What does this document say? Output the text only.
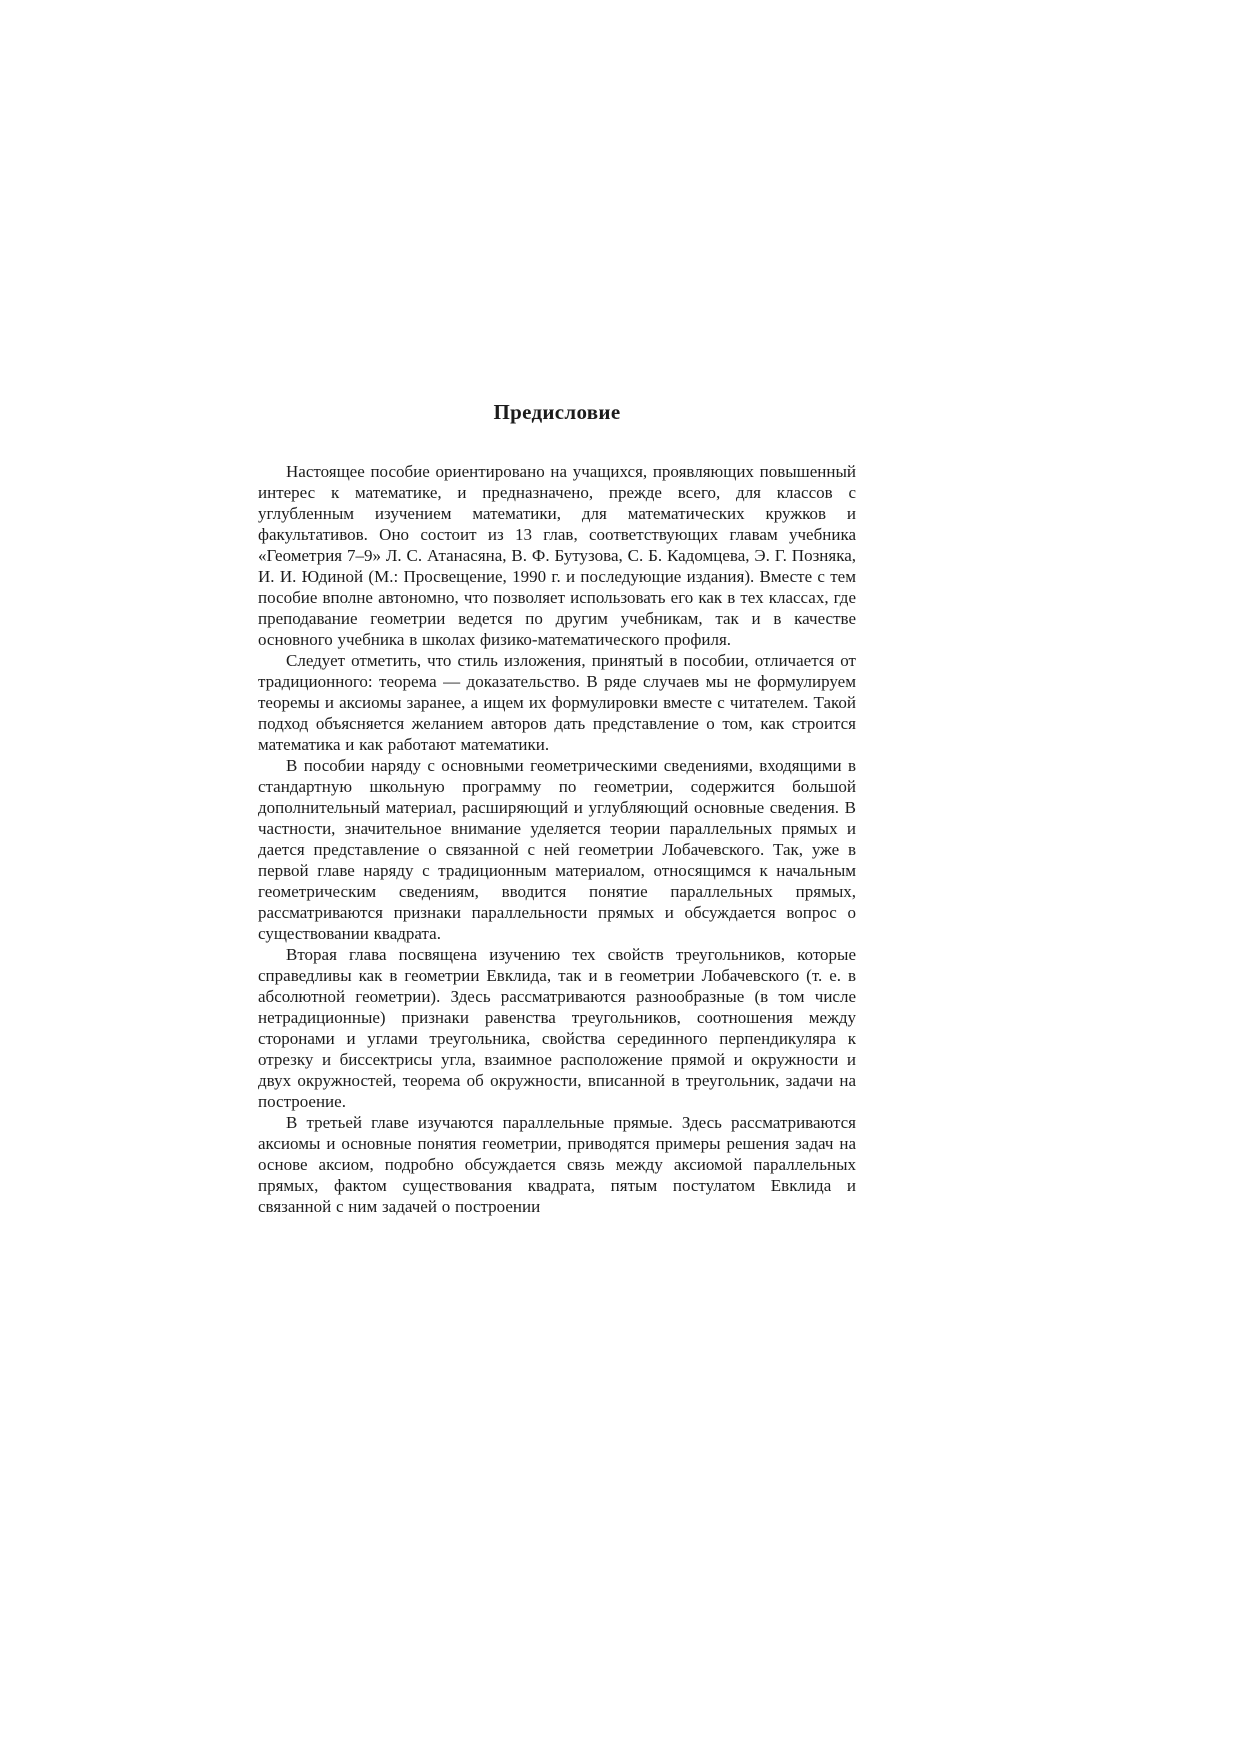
Предисловие

Настоящее пособие ориентировано на учащихся, проявляющих повышенный интерес к математике, и предназначено, прежде всего, для классов с углубленным изучением математики, для математических кружков и факультативов. Оно состоит из 13 глав, соответствующих главам учебника «Геометрия 7–9» Л. С. Атанасяна, В. Ф. Бутузова, С. Б. Кадомцева, Э. Г. Позняка, И. И. Юдиной (М.: Просвещение, 1990 г. и последующие издания). Вместе с тем пособие вполне автономно, что позволяет использовать его как в тех классах, где преподавание геометрии ведется по другим учебникам, так и в качестве основного учебника в школах физико-математического профиля.

Следует отметить, что стиль изложения, принятый в пособии, отличается от традиционного: теорема — доказательство. В ряде случаев мы не формулируем теоремы и аксиомы заранее, а ищем их формулировки вместе с читателем. Такой подход объясняется желанием авторов дать представление о том, как строится математика и как работают математики.

В пособии наряду с основными геометрическими сведениями, входящими в стандартную школьную программу по геометрии, содержится большой дополнительный материал, расширяющий и углубляющий основные сведения. В частности, значительное внимание уделяется теории параллельных прямых и дается представление о связанной с ней геометрии Лобачевского. Так, уже в первой главе наряду с традиционным материалом, относящимся к начальным геометрическим сведениям, вводится понятие параллельных прямых, рассматриваются признаки параллельности прямых и обсуждается вопрос о существовании квадрата.

Вторая глава посвящена изучению тех свойств треугольников, которые справедливы как в геометрии Евклида, так и в геометрии Лобачевского (т. е. в абсолютной геометрии). Здесь рассматриваются разнообразные (в том числе нетрадиционные) признаки равенства треугольников, соотношения между сторонами и углами треугольника, свойства серединного перпендикуляра к отрезку и биссектрисы угла, взаимное расположение прямой и окружности и двух окружностей, теорема об окружности, вписанной в треугольник, задачи на построение.

В третьей главе изучаются параллельные прямые. Здесь рассматриваются аксиомы и основные понятия геометрии, приводятся примеры решения задач на основе аксиом, подробно обсуждается связь между аксиомой параллельных прямых, фактом существования квадрата, пятым постулатом Евклида и связанной с ним задачей о построении
